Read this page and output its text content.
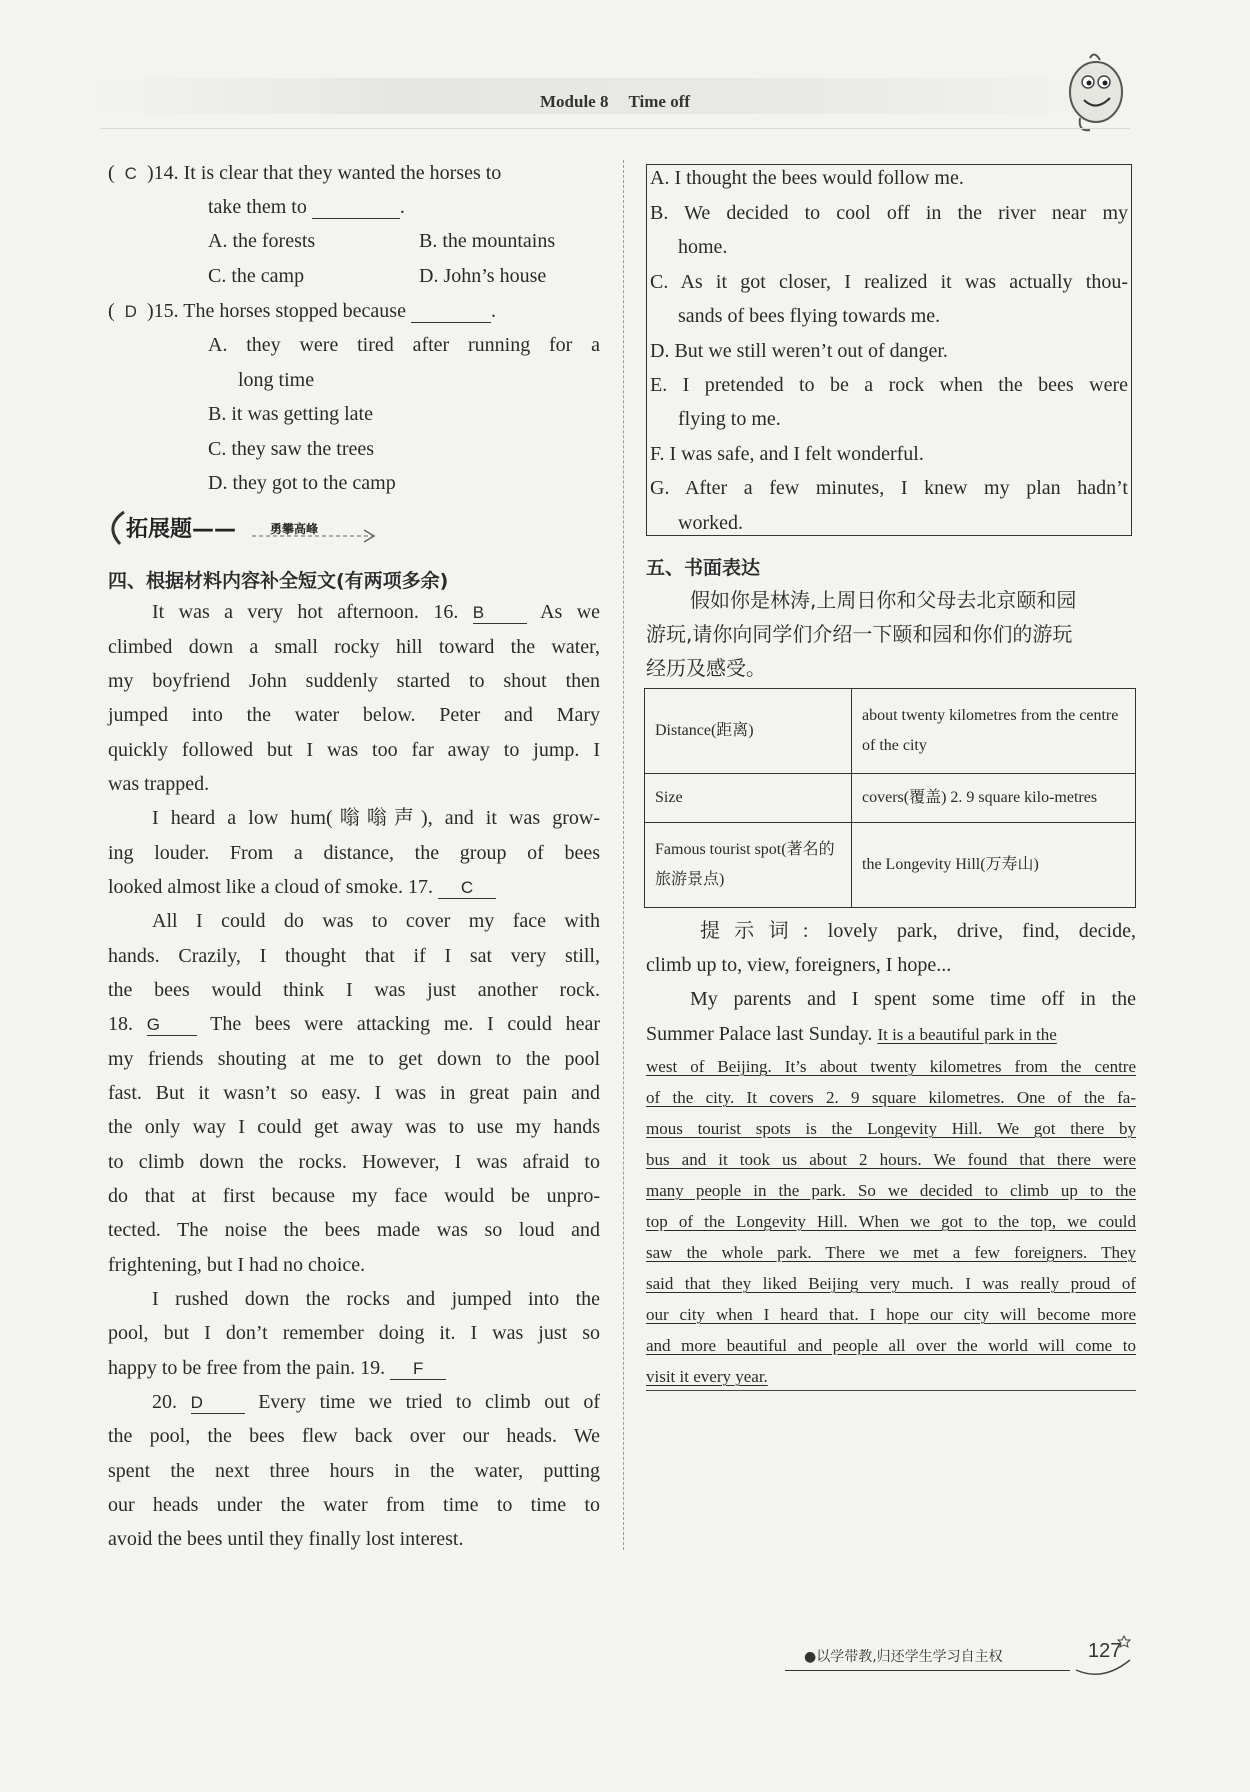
Module 8 Time off
(  C  )14. It is clear that they wanted the horses to
take them to	.
A. the forests	B. the mountains
C. the camp	D. John’s house
(  D  )15. The horses stopped because	.
A. they were tired after running for a
long time
B. it was getting late
C. they saw the trees
D. they got to the camp
拓展题——	勇攀高峰
四、根据材料内容补全短文(有两项多余)
It was a very hot afternoon. 16. B	As we
climbed down a small rocky hill toward the water,
my boyfriend John suddenly started to shout then
jumped into the water below. Peter and Mary
quickly followed but I was too far away to jump. I
was trapped.
I heard a low hum(嗡嗡声), and it was grow-
ing louder. From a distance, the group of bees
looked almost like a cloud of smoke. 17. C
All I could do was to cover my face with
hands. Crazily, I thought that if I sat very still,
the bees would think I was just another rock.
18. G	The bees were attacking me. I could hear
my friends shouting at me to get down to the pool
fast. But it wasn’t so easy. I was in great pain and
the only way I could get away was to use my hands
to climb down the rocks. However, I was afraid to
do that at first because my face would be unpro-
tected. The noise the bees made was so loud and
frightening, but I had no choice.
I rushed down the rocks and jumped into the
pool, but I don’t remember doing it. I was just so
happy to be free from the pain. 19. F
20. D	Every time we tried to climb out of
the pool, the bees flew back over our heads. We
spent the next three hours in the water, putting
our heads under the water from time to time to
avoid the bees until they finally lost interest.
A. I thought the bees would follow me.
B. We decided to cool off in the river near my
home.
C. As it got closer, I realized it was actually thou-
sands of bees flying towards me.
D. But we still weren’t out of danger.
E. I pretended to be a rock when the bees were
flying to me.
F. I was safe, and I felt wonderful.
G. After a few minutes, I knew my plan hadn’t
worked.
五、书面表达
假如你是林涛,上周日你和父母去北京颐和园
游玩,请你向同学们介绍一下颐和园和你们的游玩
经历及感受。
Distance(距离)	about twenty kilometres from the centre of the city
Size	covers(覆盖) 2. 9 square kilo-metres
Famous tourist spot(著名的旅游景点)	the Longevity Hill(万寿山)
提示词: lovely park, drive, find, decide,
climb up to, view, foreigners, I hope...
My parents and I spent some time off in the
Summer Palace last Sunday. It is a beautiful park in the
west of Beijing. It’s about twenty kilometres from the centre
of the city. It covers 2. 9 square kilometres. One of the fa-
mous tourist spots is the Longevity Hill. We got there by
bus and it took us about 2 hours. We found that there were
many people in the park. So we decided to climb up to the
top of the Longevity Hill. When we got to the top, we could
saw the whole park. There we met a few foreigners. They
said that they liked Beijing very much. I was really proud of
our city when I heard that. I hope our city will become more
and more beautiful and people all over the world will come to
visit it every year.
●以学带教,归还学生学习自主权	127
